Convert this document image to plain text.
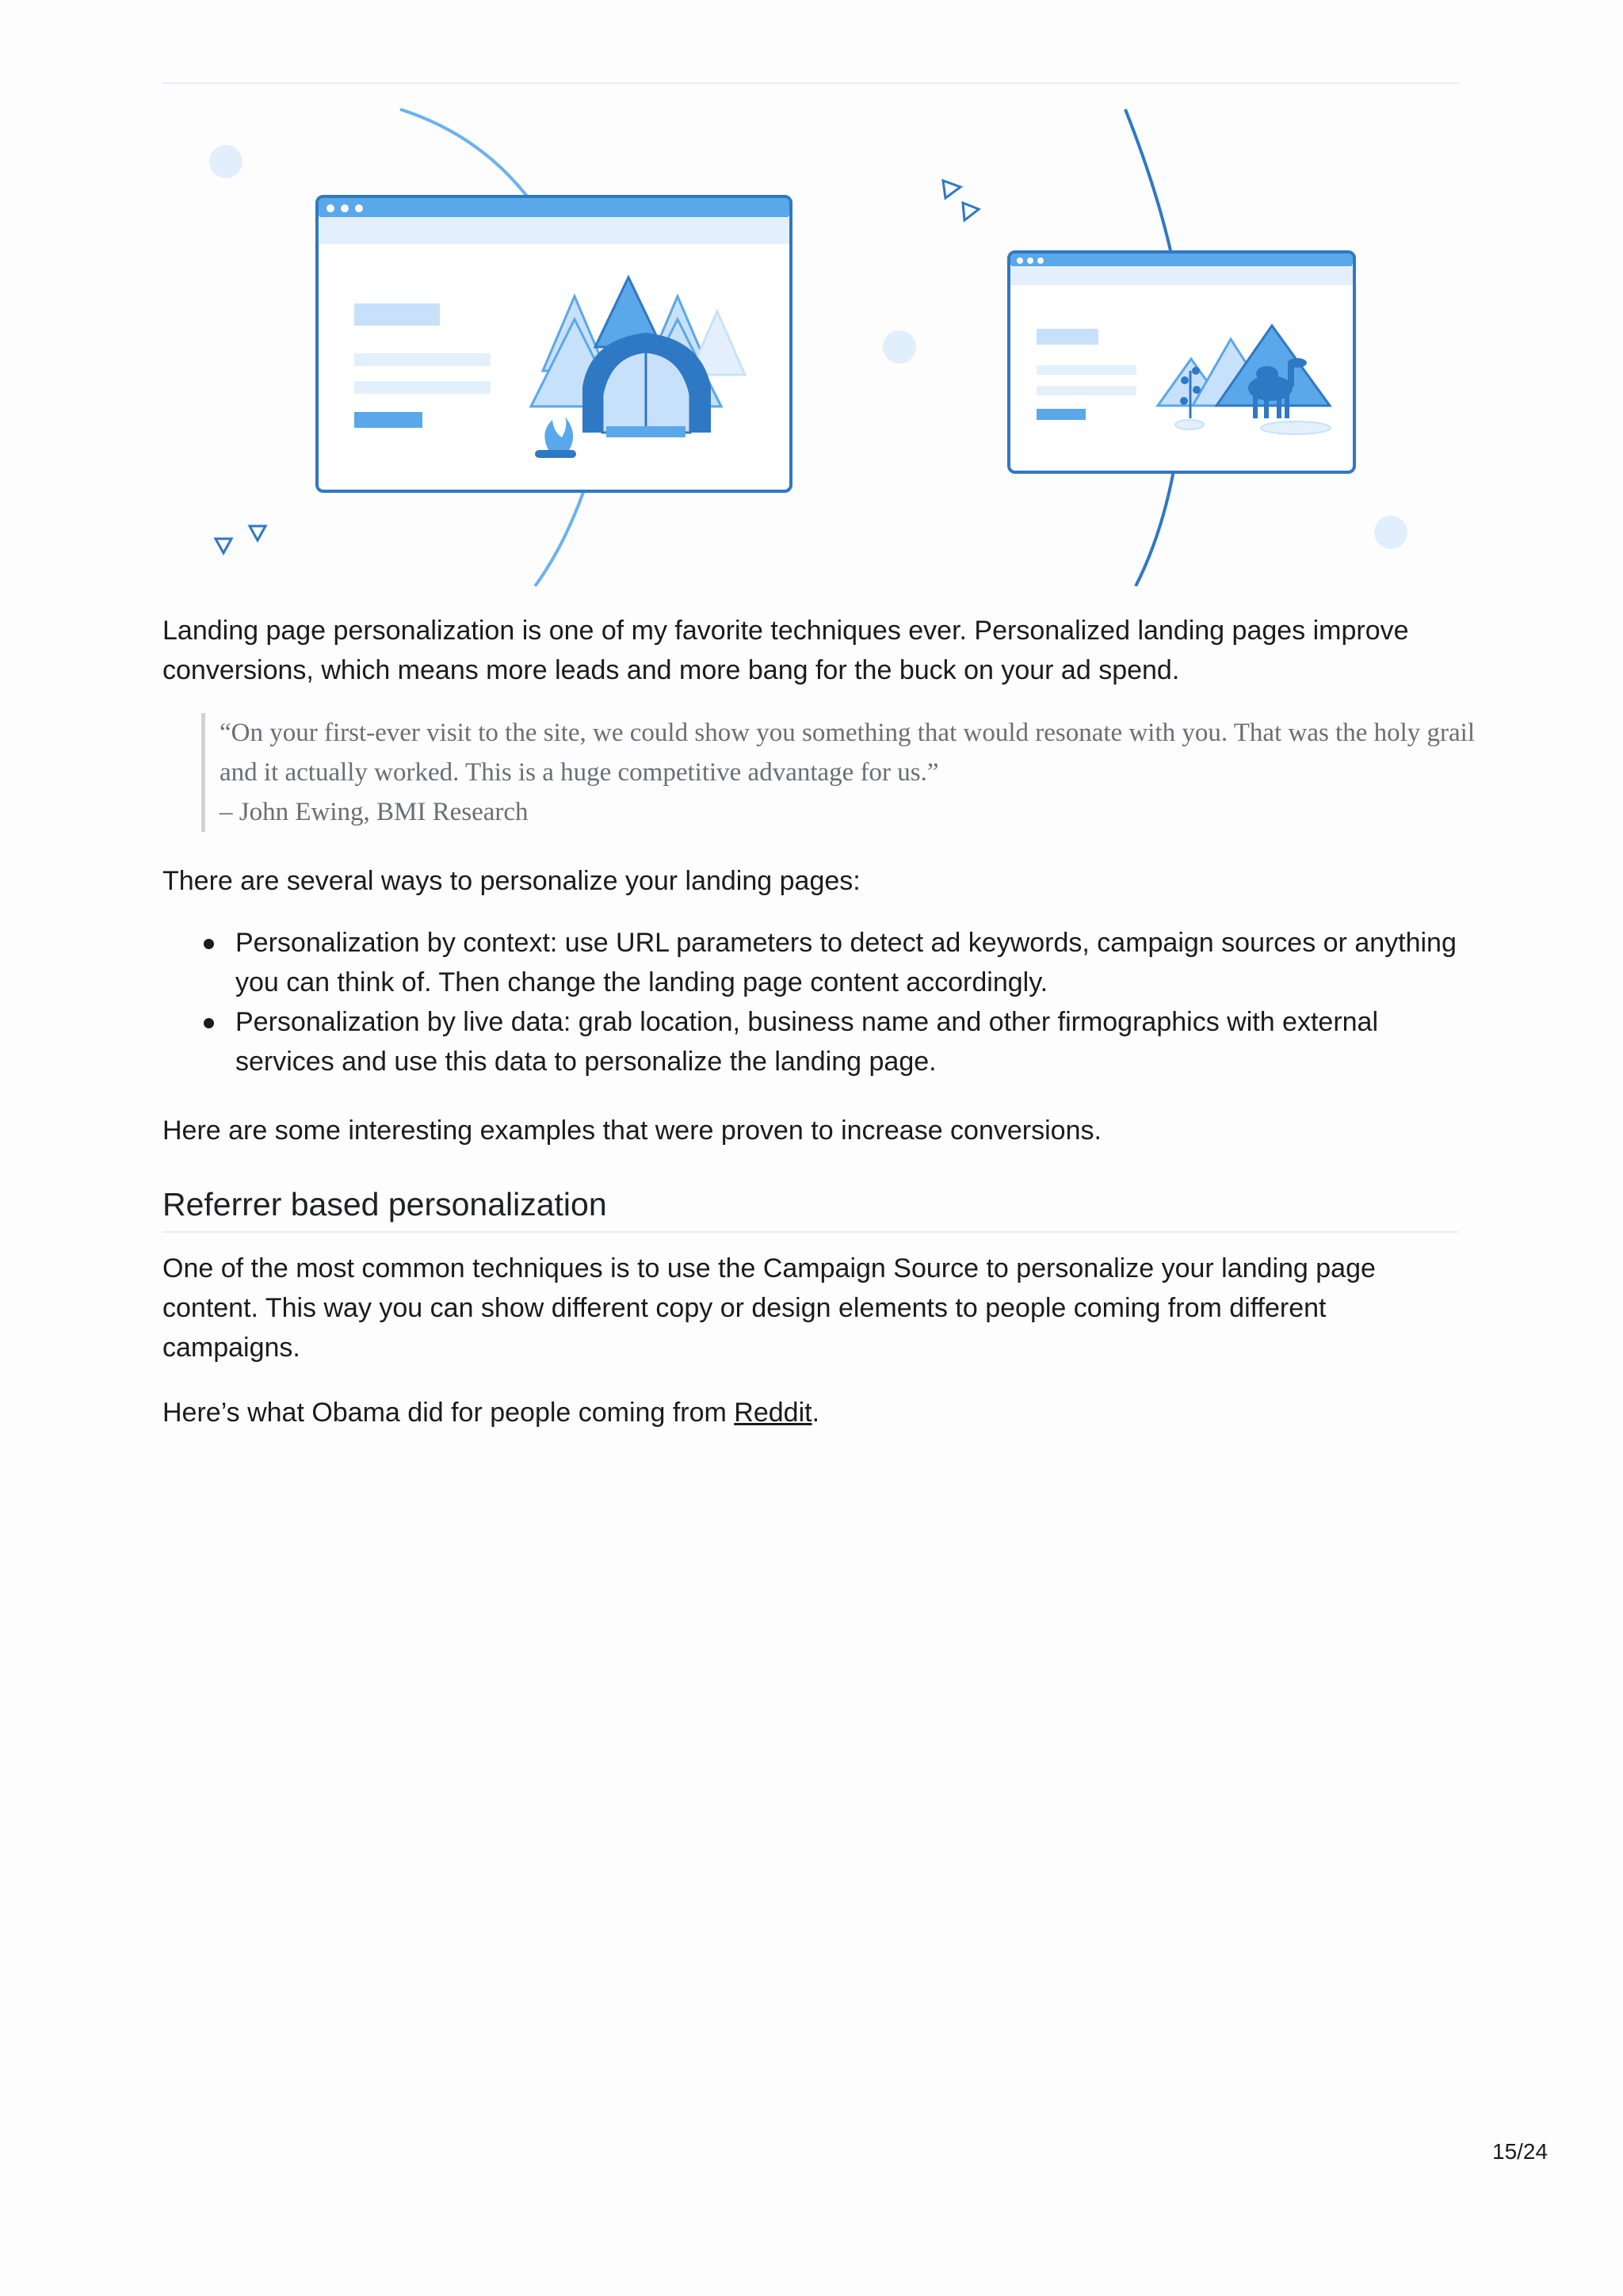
Landing page personalization is one of my favorite techniques ever. Personalized landing pages improve conversions, which means more leads and more bang for the buck on your ad spend.

“On your first-ever visit to the site, we could show you something that would resonate with you. That was the holy grail and it actually worked. This is a huge competitive advantage for us.”

– John Ewing, BMI Research

There are several ways to personalize your landing pages:

Personalization by context: use URL parameters to detect ad keywords, campaign sources or anything you can think of. Then change the landing page content accordingly.
Personalization by live data: grab location, business name and other firmographics with external services and use this data to personalize the landing page.

Here are some interesting examples that were proven to increase conversions.

Referrer based personalization

One of the most common techniques is to use the Campaign Source to personalize your landing page content. This way you can show different copy or design elements to people coming from different campaigns.

Here’s what Obama did for people coming from Reddit.

15/24
